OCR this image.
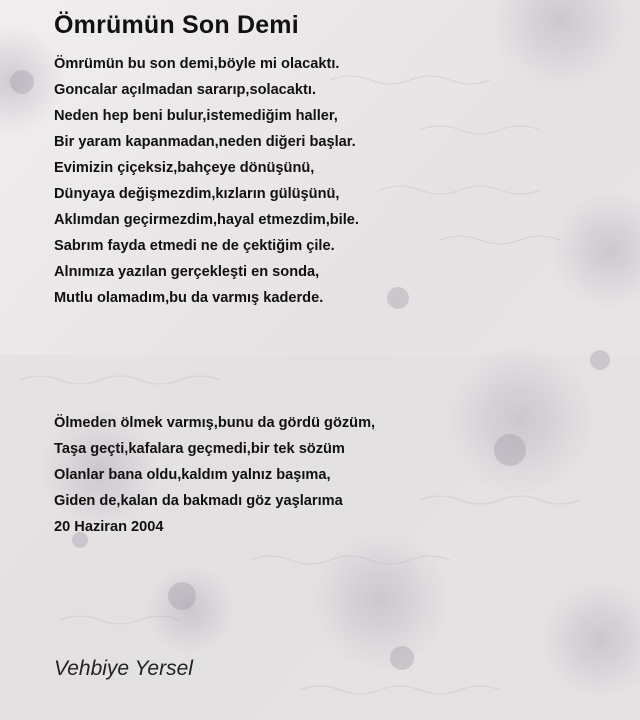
Ömrümün Son Demi
Ömrümün bu son demi,böyle mi olacaktı.
Goncalar açılmadan sararıp,solacaktı.
Neden hep beni bulur,istemediğim haller,
Bir yaram kapanmadan,neden diğeri başlar.
Evimizin çiçeksiz,bahçeye dönüşünü,
Dünyaya değişmezdim,kızların gülüşünü,
Aklımdan geçirmezdim,hayal etmezdim,bile.
Sabrım fayda etmedi ne de çektiğim çile.
Alnımıza yazılan gerçekleşti en sonda,
Mutlu olamadım,bu da varmış kaderde.
Ölmeden ölmek varmış,bunu da gördü gözüm,
Taşa geçti,kafalara geçmedi,bir tek sözüm
Olanlar bana oldu,kaldım yalnız başıma,
Giden de,kalan da bakmadı göz yaşlarıma
20 Haziran 2004
Vehbiye Yersel
